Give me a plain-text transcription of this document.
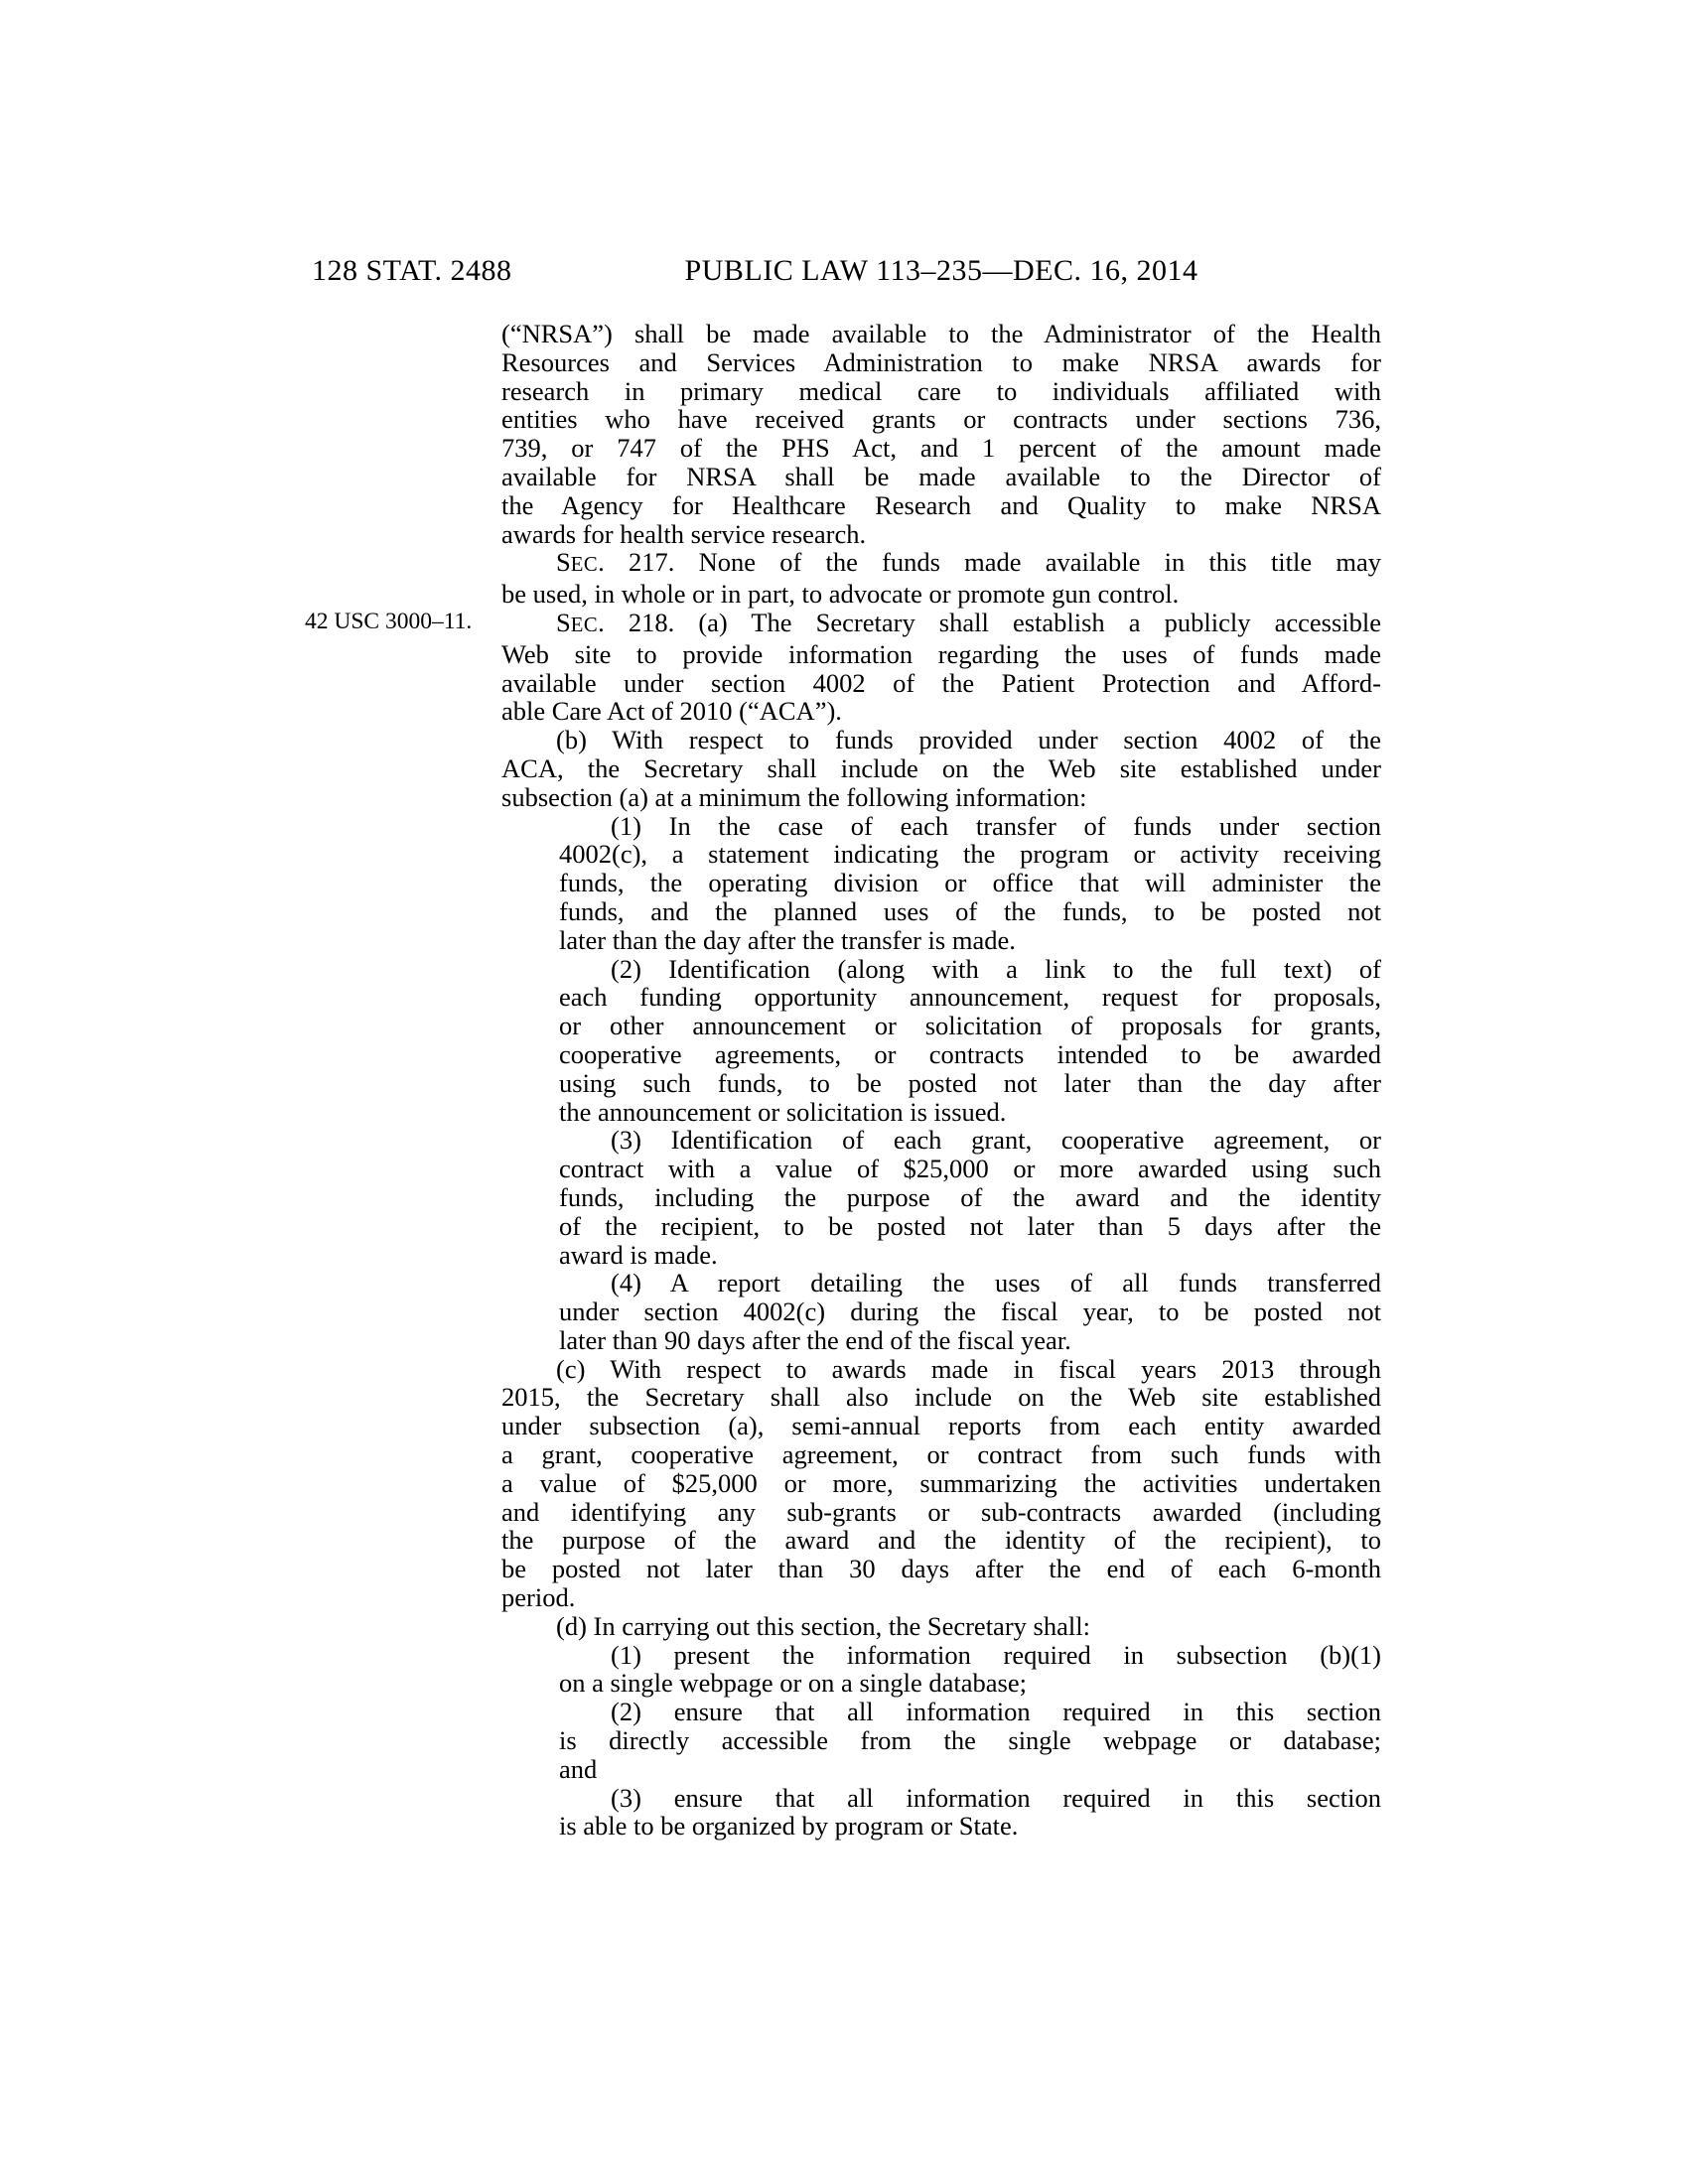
128 STAT. 2488	PUBLIC LAW 113–235—DEC. 16, 2014
42 USC 3000–11.
(“NRSA”) shall be made available to the Administrator of the Health
Resources and Services Administration to make NRSA awards for
research in primary medical care to individuals affiliated with
entities who have received grants or contracts under sections 736,
739, or 747 of the PHS Act, and 1 percent of the amount made
available for NRSA shall be made available to the Director of
the Agency for Healthcare Research and Quality to make NRSA
awards for health service research.
SEC. 217. None of the funds made available in this title may
be used, in whole or in part, to advocate or promote gun control.
SEC. 218. (a) The Secretary shall establish a publicly accessible
Web site to provide information regarding the uses of funds made
available under section 4002 of the Patient Protection and Afford-
able Care Act of 2010 (“ACA”).
(b) With respect to funds provided under section 4002 of the
ACA, the Secretary shall include on the Web site established under
subsection (a) at a minimum the following information:
(1) In the case of each transfer of funds under section
4002(c), a statement indicating the program or activity receiving
funds, the operating division or office that will administer the
funds, and the planned uses of the funds, to be posted not
later than the day after the transfer is made.
(2) Identification (along with a link to the full text) of
each funding opportunity announcement, request for proposals,
or other announcement or solicitation of proposals for grants,
cooperative agreements, or contracts intended to be awarded
using such funds, to be posted not later than the day after
the announcement or solicitation is issued.
(3) Identification of each grant, cooperative agreement, or
contract with a value of $25,000 or more awarded using such
funds, including the purpose of the award and the identity
of the recipient, to be posted not later than 5 days after the
award is made.
(4) A report detailing the uses of all funds transferred
under section 4002(c) during the fiscal year, to be posted not
later than 90 days after the end of the fiscal year.
(c) With respect to awards made in fiscal years 2013 through
2015, the Secretary shall also include on the Web site established
under subsection (a), semi-annual reports from each entity awarded
a grant, cooperative agreement, or contract from such funds with
a value of $25,000 or more, summarizing the activities undertaken
and identifying any sub-grants or sub-contracts awarded (including
the purpose of the award and the identity of the recipient), to
be posted not later than 30 days after the end of each 6-month
period.
(d) In carrying out this section, the Secretary shall:
(1) present the information required in subsection (b)(1)
on a single webpage or on a single database;
(2) ensure that all information required in this section
is directly accessible from the single webpage or database;
and
(3) ensure that all information required in this section
is able to be organized by program or State.
